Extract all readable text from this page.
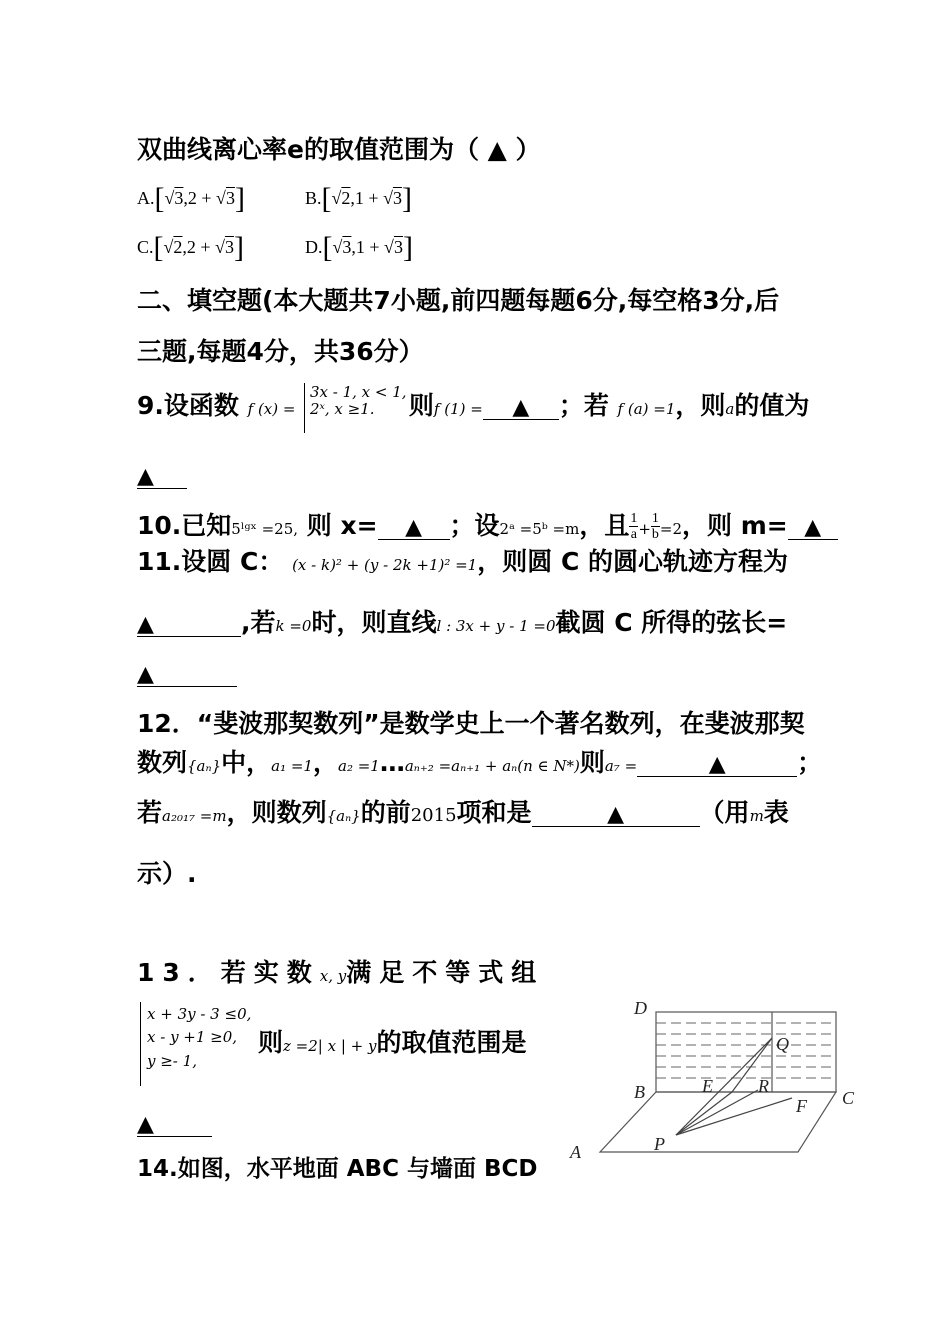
双曲线离心率e的取值范围为（ ▲ ）
A.[√3,2 + √3]	B.[√2,1 + √3]
C.[√2,2 + √3]	D.[√3,1 + √3]
二、填空题(本大题共7小题,前四题每题6分,每空格3分,后
三题,每题4分，共36分）
9.设函数 f (x) =	则f (1) = ▲ ；若 f (a) =1，则a的值为
3x - 1, x < 1,
2ˣ, x ≥1.
▲
10.已知5ˡᵍˣ =25, 则 x= ▲ ；设2ᵃ =5ᵇ =m，且 $\frac{1}{a}+ \frac{1}{b}=2$，则 m= ▲
11.设圆 C： (x - k)² + (y - 2k +1)² =1，则圆 C 的圆心轨迹方程为
▲	,若k =0时，则直线l : 3x + y - 1 =0截圆 C 所得的弦长=
▲
12．“斐波那契数列”是数学史上一个著名数列，在斐波那契
数列{aₙ}中，a₁ =1，a₂ =1…aₙ₊₂ =aₙ₊₁ + aₙ(n ∈ N*)则a₇ =	▲	；
若a₂₀₁₇ =m，则数列{aₙ}的前2015项和是	▲	（用m表
示）.
13．若实数x, y满足不等式组
x + 3y - 3 ≤0,
x - y +1 ≥0,
y ≥- 1,
则z =2| x | + y的取值范围是
▲
14.如图，水平地面 ABC 与墙面 BCD
D
Q
B	E	R
C
F
P
A
